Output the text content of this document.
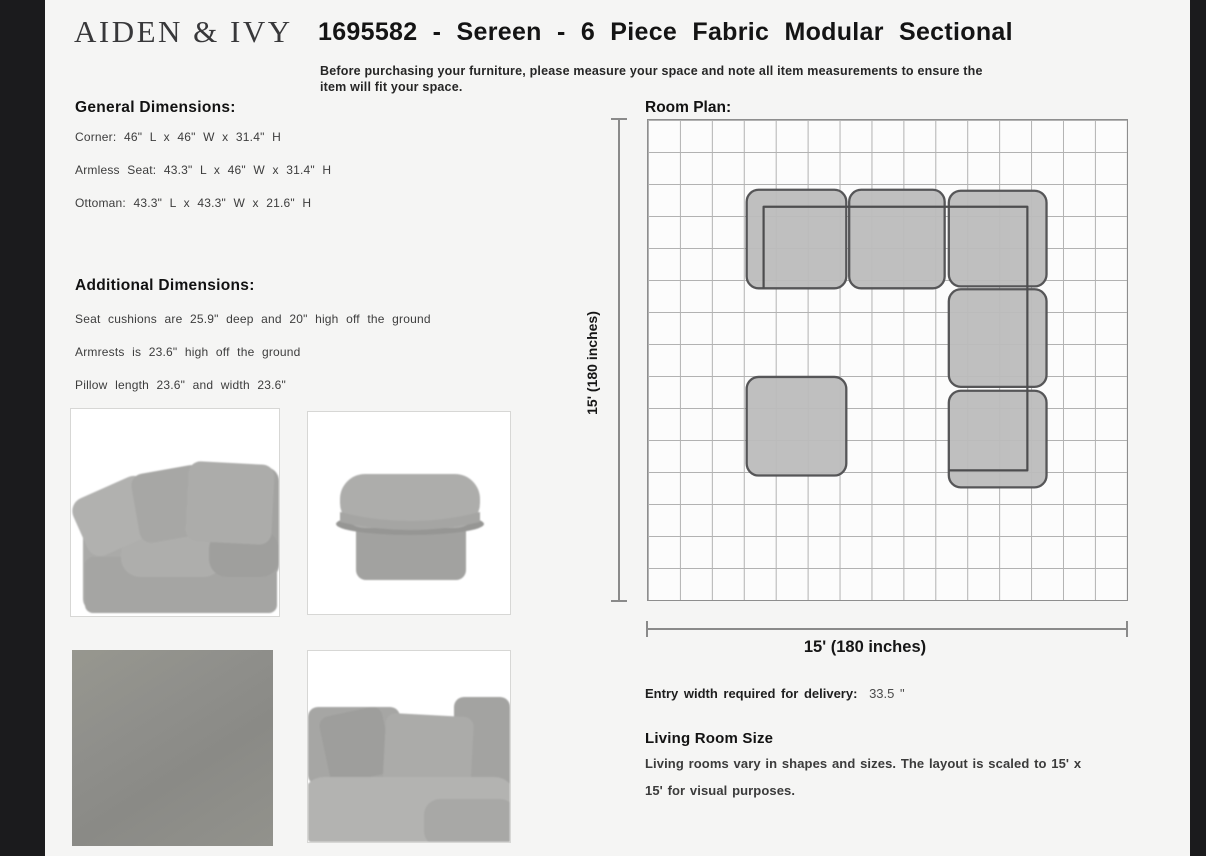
AIDEN & IVY 1695582 - Sereen - 6 Piece Fabric Modular Sectional
Before purchasing your furniture, please measure your space and note all item measurements to ensure the
item will fit your space.
General Dimensions:
Corner: 46" L x 46" W x 31.4" H
Armless Seat: 43.3" L x 46" W x 31.4" H
Ottoman: 43.3" L x 43.3" W x 21.6" H
Additional Dimensions:
Seat cushions are 25.9" deep and 20" high off the ground
Armrests is 23.6" high off the ground
Pillow length 23.6" and width 23.6"
Room Plan:
15' (180 inches)
15' (180 inches)
Entry width required for delivery: 33.5 "
Living Room Size
Living rooms vary in shapes and sizes. The layout is scaled to 15' x
15' for visual purposes.
